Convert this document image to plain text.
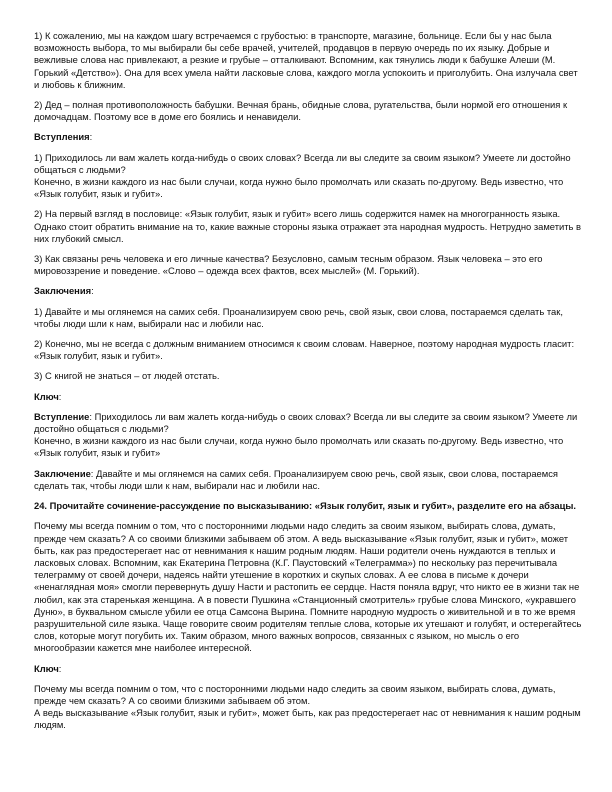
1) К сожалению, мы на каждом шагу встречаемся с грубостью: в транспорте, магазине, больнице. Если бы у нас была возможность выбора, то мы выбирали бы себе врачей, учителей, продавцов в первую очередь по их языку. Добрые и вежливые слова нас привлекают, а резкие и грубые – отталкивают. Вспомним, как тянулись люди к бабушке Алеши (М. Горький «Детство»). Она для всех умела найти ласковые слова, каждого могла успокоить и приголубить. Она излучала свет и любовь к ближним.

2) Дед – полная противоположность бабушки. Вечная брань, обидные слова, ругательства, были нормой его отношения к домочадцам. Поэтому все в доме его боялись и ненавидели.

Вступления:

1) Приходилось ли вам жалеть когда-нибудь о своих словах? Всегда ли вы следите за своим языком? Умеете ли достойно общаться с людьми?
Конечно, в жизни каждого из нас были случаи, когда нужно было промолчать или сказать по-другому. Ведь известно, что «Язык голубит, язык и губит».

2) На первый взгляд в пословице: «Язык голубит, язык и губит» всего лишь содержится намек на многогранность языка. Однако стоит обратить внимание на то, какие важные стороны языка отражает эта народная мудрость. Нетрудно заметить в них глубокий смысл.

3) Как связаны речь человека и его личные качества? Безусловно, самым тесным образом. Язык человека – это его мировоззрение и поведение. «Слово – одежда всех фактов, всех мыслей» (М. Горький).

Заключения:

1) Давайте и мы оглянемся на самих себя. Проанализируем свою речь, свой язык, свои слова, постараемся сделать так, чтобы люди шли к нам, выбирали нас и любили нас.

2) Конечно, мы не всегда с должным вниманием относимся к своим словам. Наверное, поэтому народная мудрость гласит: «Язык голубит, язык и губит».

3) С книгой не знаться – от людей отстать.

Ключ:

Вступление: Приходилось ли вам жалеть когда-нибудь о своих словах? Всегда ли вы следите за своим языком? Умеете ли достойно общаться с людьми?
Конечно, в жизни каждого из нас были случаи, когда нужно было промолчать или сказать по-другому. Ведь известно, что «Язык голубит, язык и губит»

Заключение: Давайте и мы оглянемся на самих себя. Проанализируем свою речь, свой язык, свои слова, постараемся сделать так, чтобы люди шли к нам, выбирали нас и любили нас.

24. Прочитайте сочинение-рассуждение по высказыванию: «Язык голубит, язык и губит», разделите его на абзацы.

Почему мы всегда помним о том, что с посторонними людьми надо следить за своим языком, выбирать слова, думать, прежде чем сказать? А со своими близкими забываем об этом. А ведь высказывание «Язык голубит, язык и губит», может быть, как раз предостерегает нас от невнимания к нашим родным людям. Наши родители очень нуждаются в теплых и ласковых словах. Вспомним, как Екатерина Петровна (К.Г. Паустовский «Телеграмма») по нескольку раз перечитывала телеграмму от своей дочери, надеясь найти утешение в коротких и скупых словах. А ее слова в письме к дочери «ненаглядная моя» смогли перевернуть душу Насти и растопить ее сердце. Настя поняла вдруг, что никто ее в жизни так не любил, как эта старенькая женщина. А в повести Пушкина «Станционный смотритель» грубые слова Минского, «укравшего Дуню», в буквальном смысле убили ее отца Самсона Вырина. Помните народную мудрость о живительной и в то же время разрушительной силе языка. Чаще говорите своим родителям теплые слова, которые их утешают и голубят, и остерегайтесь слов, которые могут погубить их. Таким образом, много важных вопросов, связанных с языком, но мысль о его многообразии кажется мне наиболее интересной.

Ключ:

Почему мы всегда помним о том, что с посторонними людьми надо следить за своим языком, выбирать слова, думать, прежде чем сказать? А со своими близкими забываем об этом.
А ведь высказывание «Язык голубит, язык и губит», может быть, как раз предостерегает нас от невнимания к нашим родным людям.
